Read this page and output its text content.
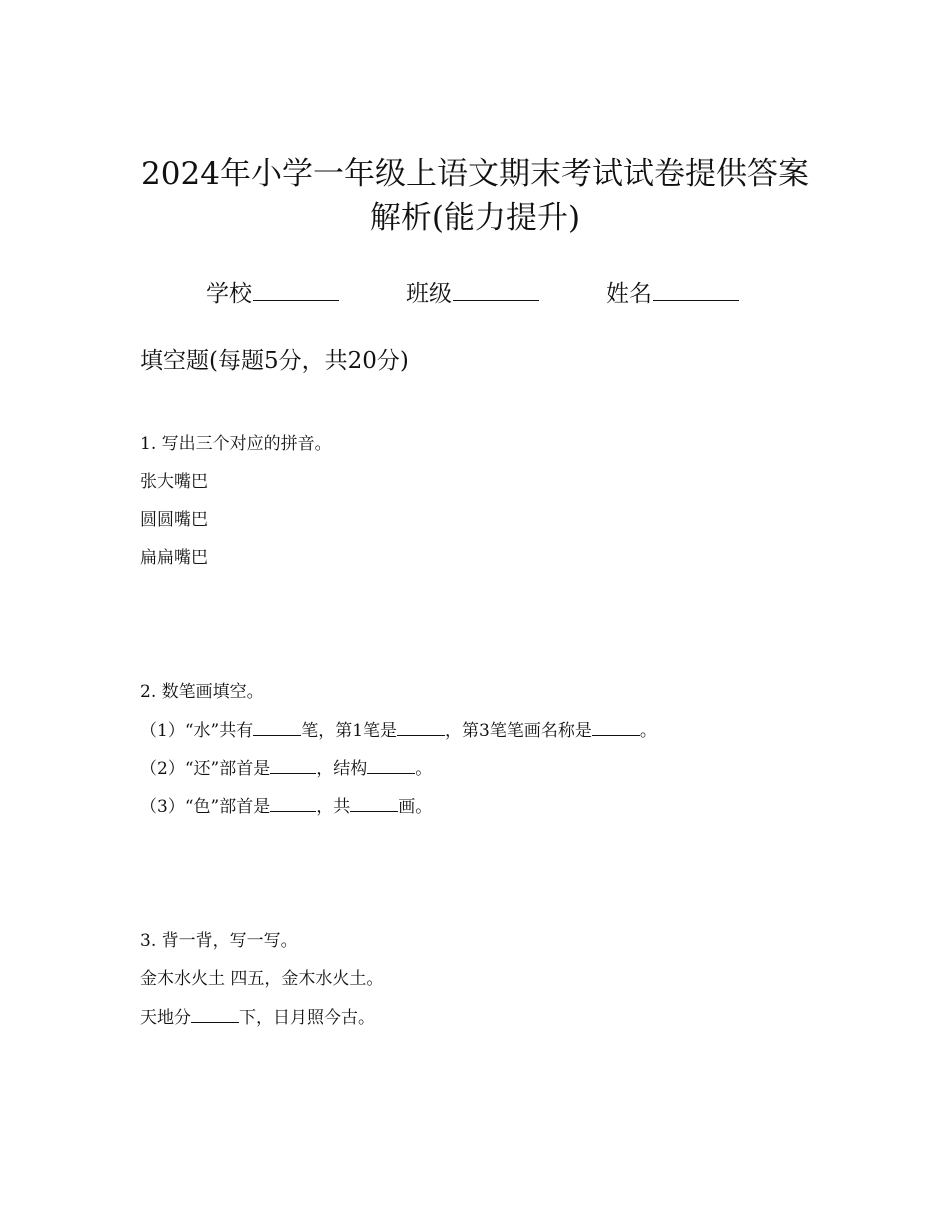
2024年小学一年级上语文期末考试试卷提供答案
解析(能力提升)
学校	班级	姓名
填空题(每题5分，共20分)
1. 写出三个对应的拼音。
张大嘴巴
圆圆嘴巴
扁扁嘴巴
2. 数笔画填空。
（1）“水”共有	笔，第1笔是	，第3笔笔画名称是	。
（2）“还”部首是	，结构	。
（3）“色”部首是	，共	画。
3. 背一背，写一写。
金木水火土 四五，金木水火土。
天地分	下，日月照今古。
